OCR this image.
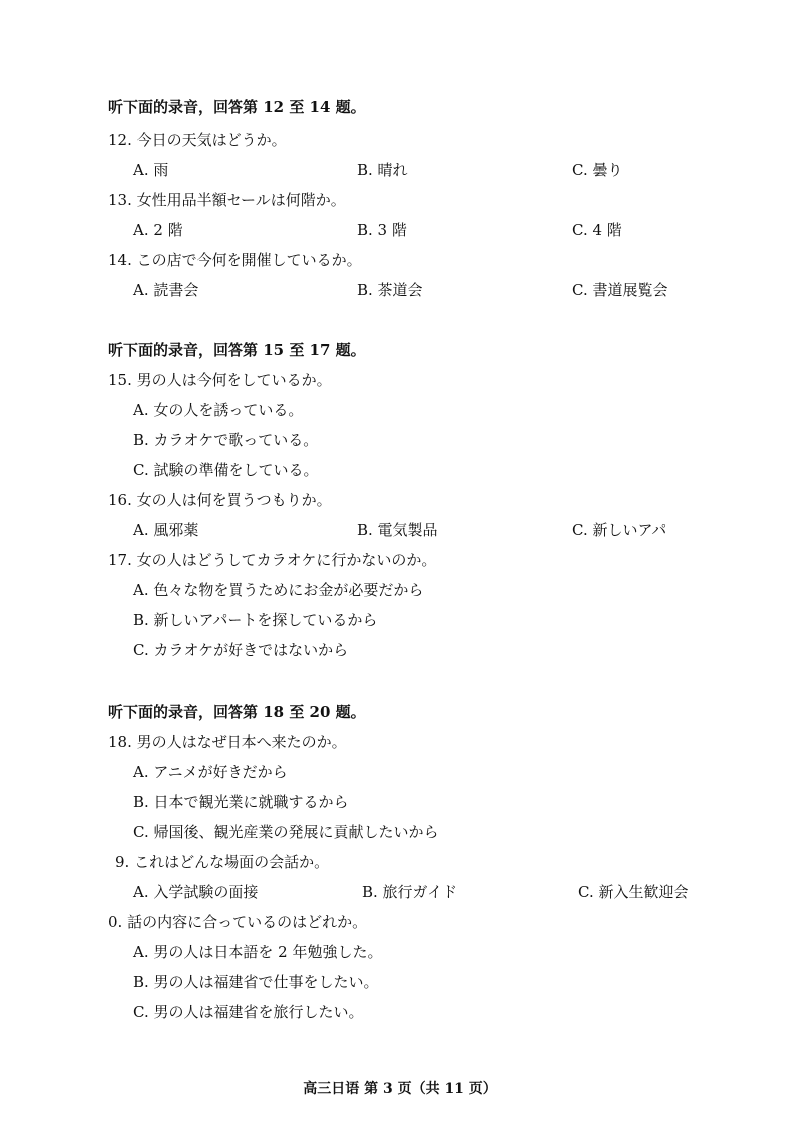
听下面的录音，回答第 12 至 14 题。
12. 今日の天気はどうか。
A. 雨	B. 晴れ	C. 曇り
13. 女性用品半額セールは何階か。
A. 2 階	B. 3 階	C. 4 階
14. この店で今何を開催しているか。
A. 読書会	B. 茶道会	C. 書道展覧会
听下面的录音，回答第 15 至 17 题。
15. 男の人は今何をしているか。
A. 女の人を誘っている。
B. カラオケで歌っている。
C. 試験の準備をしている。
16. 女の人は何を買うつもりか。
A. 風邪薬	B. 電気製品	C. 新しいアパ
17. 女の人はどうしてカラオケに行かないのか。
A. 色々な物を買うためにお金が必要だから
B. 新しいアパートを探しているから
C. カラオケが好きではないから
听下面的录音，回答第 18 至 20 题。
18. 男の人はなぜ日本へ来たのか。
A. アニメが好きだから
B. 日本で観光業に就職するから
C. 帰国後、観光産業の発展に貢献したいから
9. これはどんな場面の会話か。
A. 入学試験の面接	B. 旅行ガイド	C. 新入生歓迎会
0. 話の内容に合っているのはどれか。
A. 男の人は日本語を 2 年勉強した。
B. 男の人は福建省で仕事をしたい。
C. 男の人は福建省を旅行したい。
高三日语 第 3 页（共 11 页）
